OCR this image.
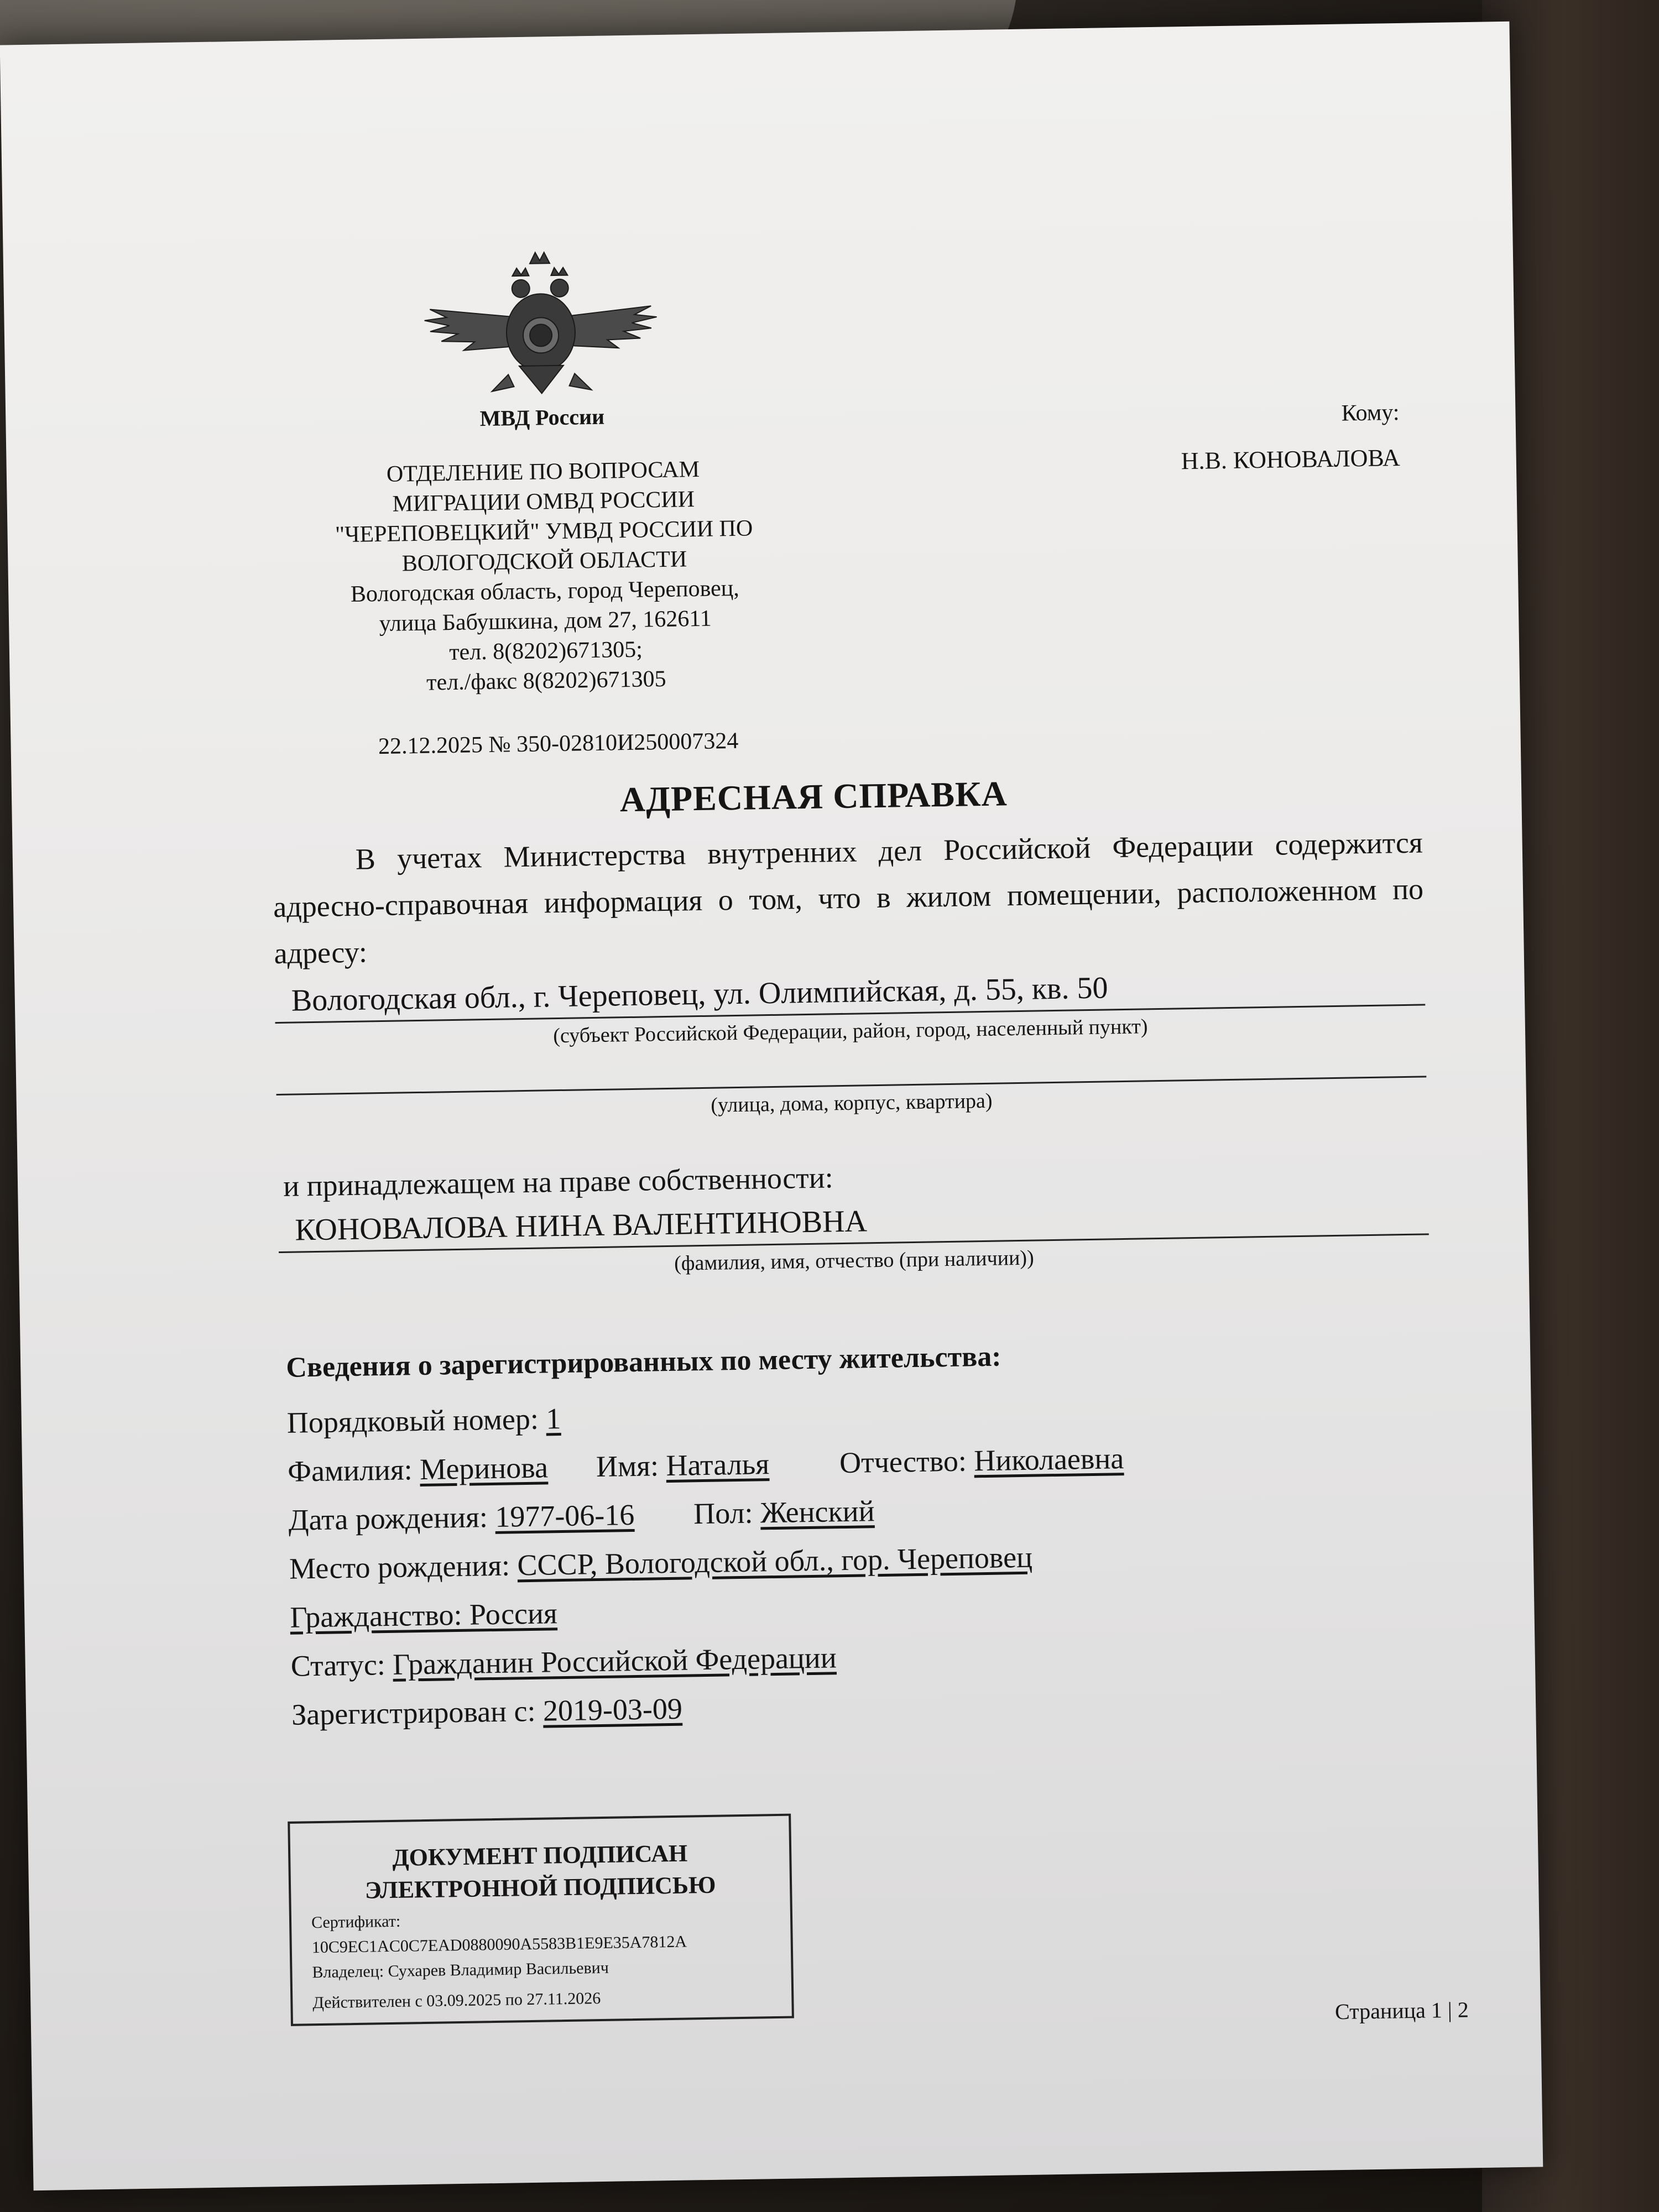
МВД России
ОТДЕЛЕНИЕ ПО ВОПРОСАМ
МИГРАЦИИ ОМВД РОССИИ
"ЧЕРЕПОВЕЦКИЙ" УМВД РОССИИ ПО
ВОЛОГОДСКОЙ ОБЛАСТИ
Вологодская область, город Череповец,
улица Бабушкина, дом 27, 162611
тел. 8(8202)671305;
тел./факс 8(8202)671305
22.12.2025 № 350-02810И250007324
Кому:
Н.В. КОНОВАЛОВА
АДРЕСНАЯ СПРАВКА
В учетах Министерства внутренних дел Российской Федерации содержится адресно-справочная информация о том, что в жилом помещении, расположенном по адресу:
Вологодская обл., г. Череповец, ул. Олимпийская, д. 55, кв. 50
(субъект Российской Федерации, район, город, населенный пункт)
(улица, дома, корпус, квартира)
и принадлежащем на праве собственности:
КОНОВАЛОВА НИНА ВАЛЕНТИНОВНА
(фамилия, имя, отчество (при наличии))
Сведения о зарегистрированных по месту жительства:
Порядковый номер: 1
Фамилия: Меринова Имя: Наталья Отчество: Николаевна
Дата рождения: 1977-06-16 Пол: Женский
Место рождения: СССР, Вологодской обл., гор. Череповец
Гражданство: Россия
Статус: Гражданин Российской Федерации
Зарегистрирован с: 2019-03-09
ДОКУМЕНТ ПОДПИСАН
ЭЛЕКТРОННОЙ ПОДПИСЬЮ
Сертификат:
10C9EC1AC0C7EAD0880090A5583B1E9E35A7812A
Владелец: Сухарев Владимир Васильевич
Действителен с 03.09.2025 по 27.11.2026	Страница 1 | 2
